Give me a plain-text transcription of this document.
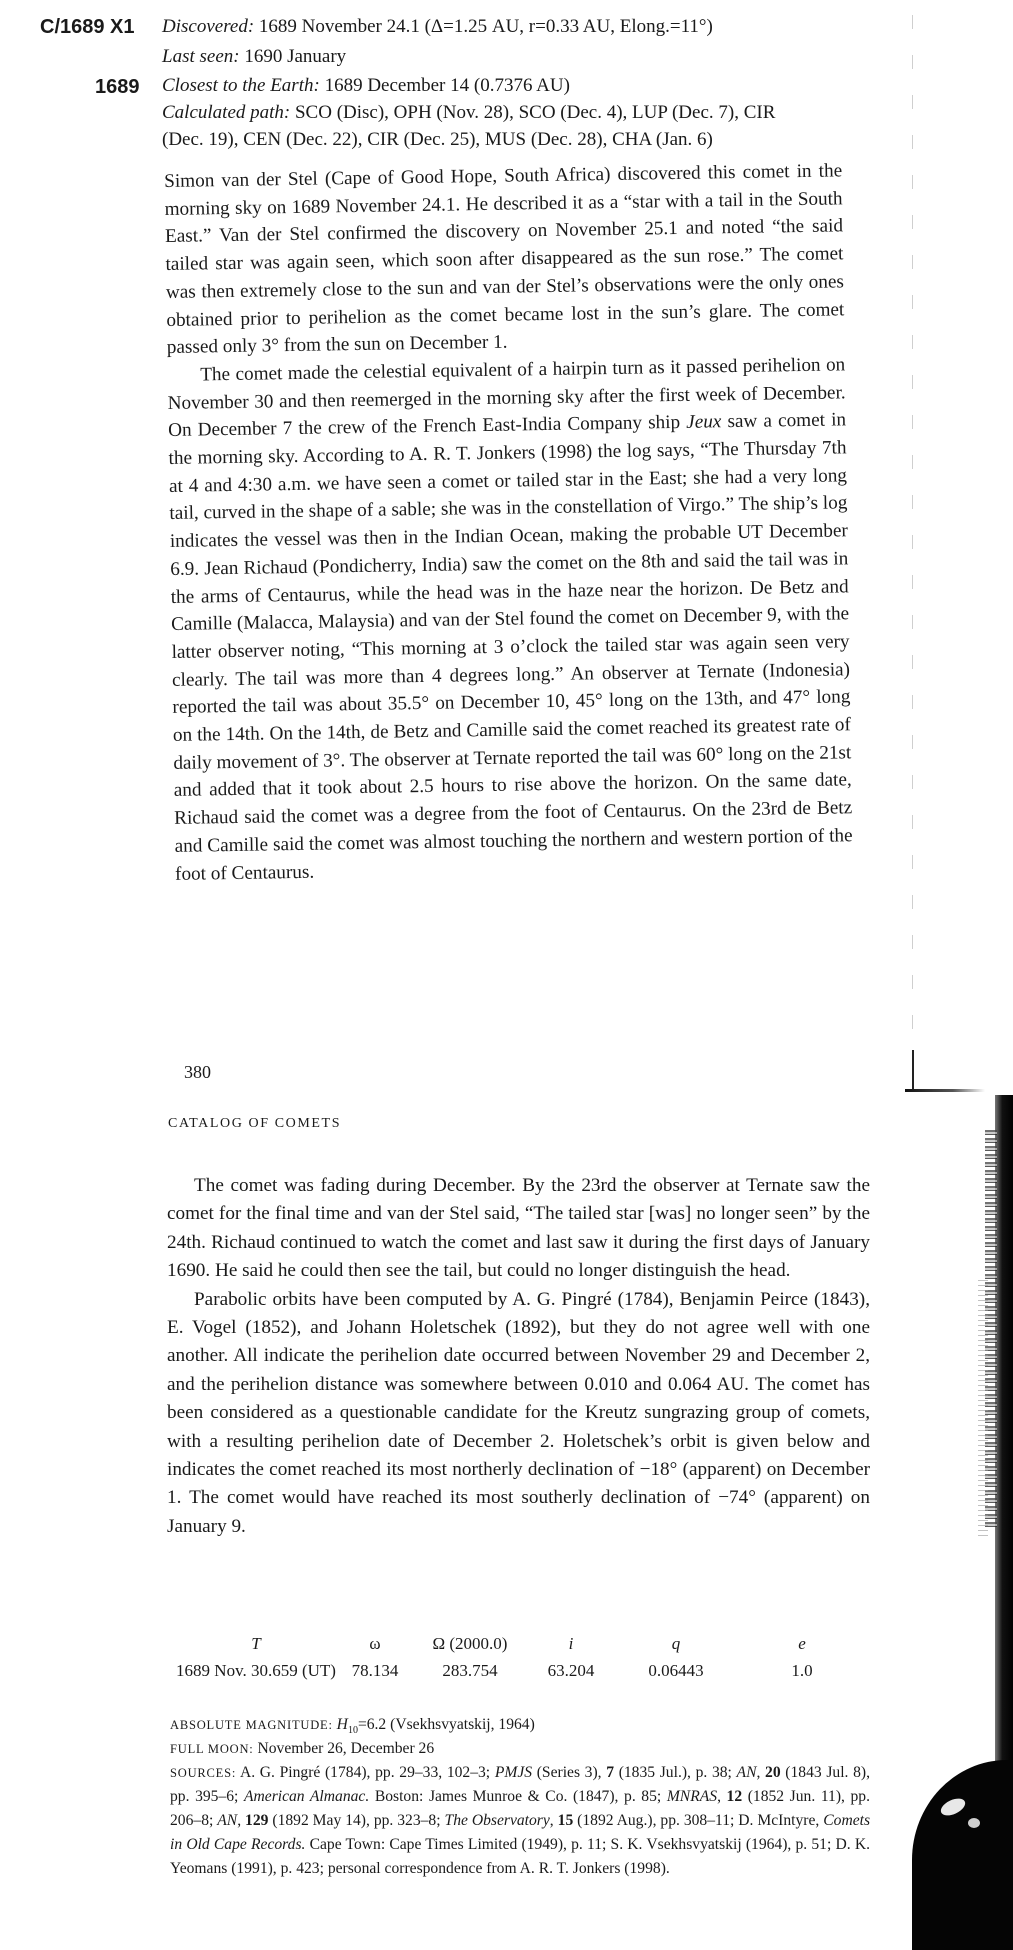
C/1689 X1
1689
Discovered: 1689 November 24.1 (Δ=1.25 AU, r=0.33 AU, Elong.=11°)
Last seen: 1690 January
Closest to the Earth: 1689 December 14 (0.7376 AU)
Calculated path: SCO (Disc), OPH (Nov. 28), SCO (Dec. 4), LUP (Dec. 7), CIR
(Dec. 19), CEN (Dec. 22), CIR (Dec. 25), MUS (Dec. 28), CHA (Jan. 6)

Simon van der Stel (Cape of Good Hope, South Africa) discovered this comet in the morning sky on 1689 November 24.1. He described it as a “star with a tail in the South East.” Van der Stel confirmed the discovery on November 25.1 and noted “the said tailed star was again seen, which soon after disappeared as the sun rose.” The comet was then extremely close to the sun and van der Stel’s observations were the only ones obtained prior to perihelion as the comet became lost in the sun’s glare. The comet passed only 3° from the sun on December 1.

The comet made the celestial equivalent of a hairpin turn as it passed perihelion on November 30 and then reemerged in the morning sky after the first week of December. On December 7 the crew of the French East-India Company ship Jeux saw a comet in the morning sky. According to A. R. T. Jonkers (1998) the log says, “The Thursday 7th at 4 and 4:30 a.m. we have seen a comet or tailed star in the East; she had a very long tail, curved in the shape of a sable; she was in the constellation of Virgo.” The ship’s log indicates the vessel was then in the Indian Ocean, making the probable UT December 6.9. Jean Richaud (Pondicherry, India) saw the comet on the 8th and said the tail was in the arms of Centaurus, while the head was in the haze near the horizon. De Betz and Camille (Malacca, Malaysia) and van der Stel found the comet on December 9, with the latter observer noting, “This morning at 3 o’clock the tailed star was again seen very clearly. The tail was more than 4 degrees long.” An observer at Ternate (Indonesia) reported the tail was about 35.5° on December 10, 45° long on the 13th, and 47° long on the 14th. On the 14th, de Betz and Camille said the comet reached its greatest rate of daily movement of 3°. The observer at Ternate reported the tail was 60° long on the 21st and added that it took about 2.5 hours to rise above the horizon. On the same date, Richaud said the comet was a degree from the foot of Centaurus. On the 23rd de Betz and Camille said the comet was almost touching the northern and western portion of the foot of Centaurus.

380
CATALOG OF COMETS

The comet was fading during December. By the 23rd the observer at Ternate saw the comet for the final time and van der Stel said, “The tailed star [was] no longer seen” by the 24th. Richaud continued to watch the comet and last saw it during the first days of January 1690. He said he could then see the tail, but could no longer distinguish the head.

Parabolic orbits have been computed by A. G. Pingré (1784), Benjamin Peirce (1843), E. Vogel (1852), and Johann Holetschek (1892), but they do not agree well with one another. All indicate the perihelion date occurred between November 29 and December 2, and the perihelion distance was somewhere between 0.010 and 0.064 AU. The comet has been considered as a questionable candidate for the Kreutz sungrazing group of comets, with a resulting perihelion date of December 2. Holetschek’s orbit is given below and indicates the comet reached its most northerly declination of −18° (apparent) on December 1. The comet would have reached its most southerly declination of −74° (apparent) on January 9.

T	ω	Ω (2000.0)	i	q	e
1689 Nov. 30.659 (UT)	78.134	283.754	63.204	0.06443	1.0
ABSOLUTE MAGNITUDE: $H_{10}=6.2$ (Vsekhsvyatskij, 1964)
FULL MOON: November 26, December 26
SOURCES: A. G. Pingré (1784), pp. 29–33, 102–3; PMJS (Series 3), 7 (1835 Jul.), p. 38; AN, 20 (1843 Jul. 8), pp. 395–6; American Almanac. Boston: James Munroe & Co. (1847), p. 85; MNRAS, 12 (1852 Jun. 11), pp. 206–8; AN, 129 (1892 May 14), pp. 323–8; The Observatory, 15 (1892 Aug.), pp. 308–11; D. McIntyre, Comets in Old Cape Records. Cape Town: Cape Times Limited (1949), p. 11; S. K. Vsekhsvyatskij (1964), p. 51; D. K. Yeomans (1991), p. 423; personal correspondence from A. R. T. Jonkers (1998).
